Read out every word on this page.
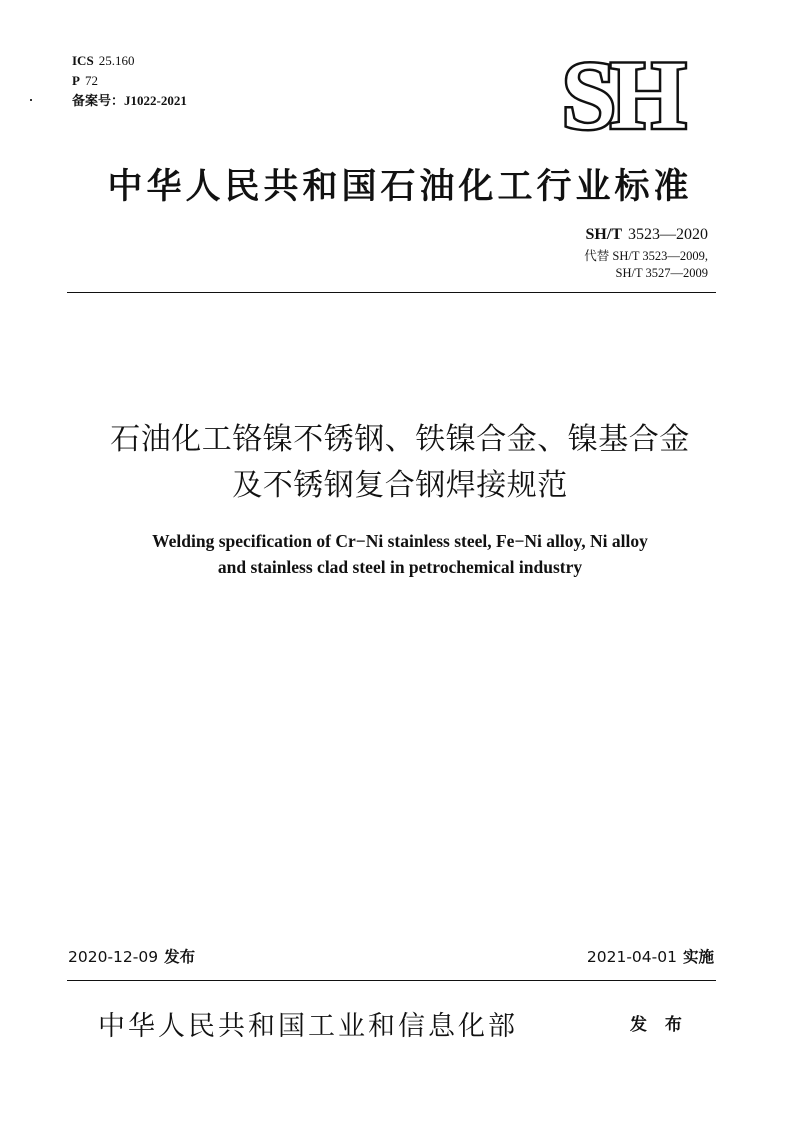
ICS 25.160
P 72
备案号：J1022-2021	SH
中华人民共和国石油化工行业标准
SH/T 3523—2020
代替 SH/T 3523—2009,
SH/T 3527—2009
石油化工铬镍不锈钢、铁镍合金、镍基合金
及不锈钢复合钢焊接规范
Welding specification of Cr−Ni stainless steel, Fe−Ni alloy, Ni alloy
and stainless clad steel in petrochemical industry
2020-12-09 发布	2021-04-01 实施
中华人民共和国工业和信息化部	发 布
